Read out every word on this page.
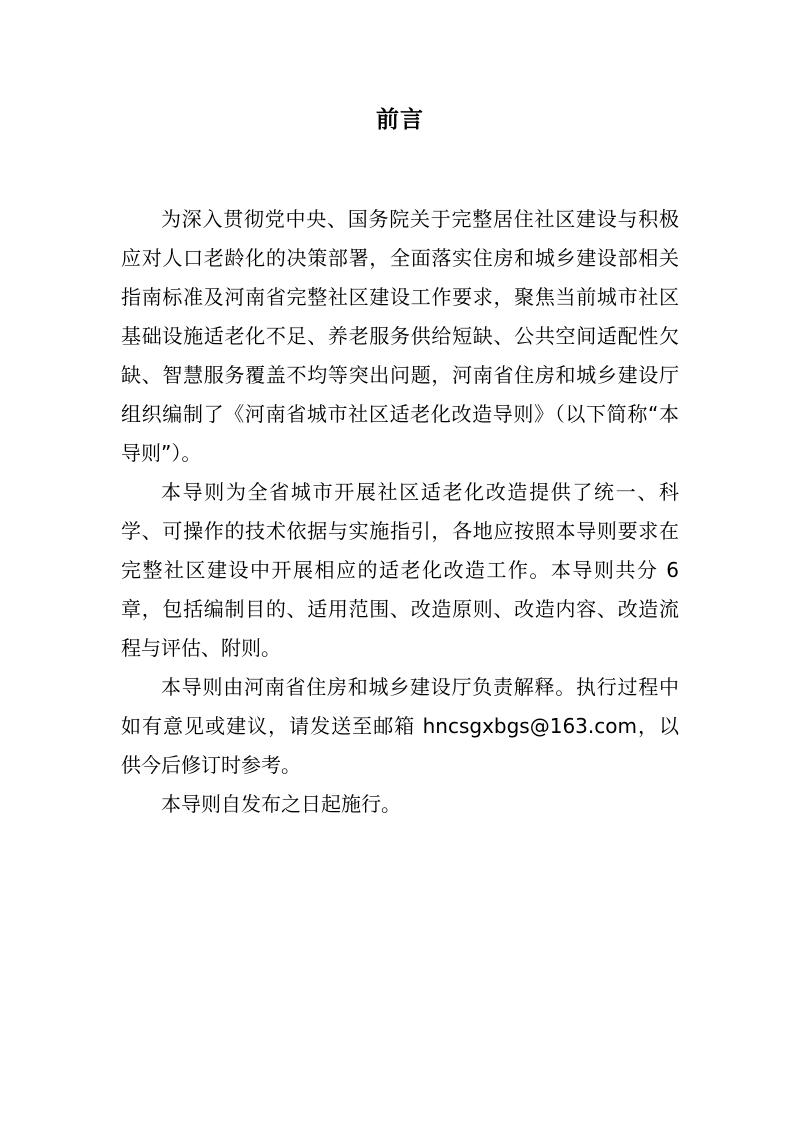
前言

为深入贯彻党中央、国务院关于完整居住社区建设与积极应对人口老龄化的决策部署，全面落实住房和城乡建设部相关指南标准及河南省完整社区建设工作要求，聚焦当前城市社区基础设施适老化不足、养老服务供给短缺、公共空间适配性欠缺、智慧服务覆盖不均等突出问题，河南省住房和城乡建设厅组织编制了《河南省城市社区适老化改造导则》（以下简称“本导则”）。

本导则为全省城市开展社区适老化改造提供了统一、科学、可操作的技术依据与实施指引，各地应按照本导则要求在完整社区建设中开展相应的适老化改造工作。本导则共分 6 章，包括编制目的、适用范围、改造原则、改造内容、改造流程与评估、附则。

本导则由河南省住房和城乡建设厅负责解释。执行过程中如有意见或建议，请发送至邮箱 hncsgxbgs@163.com，以供今后修订时参考。

本导则自发布之日起施行。
